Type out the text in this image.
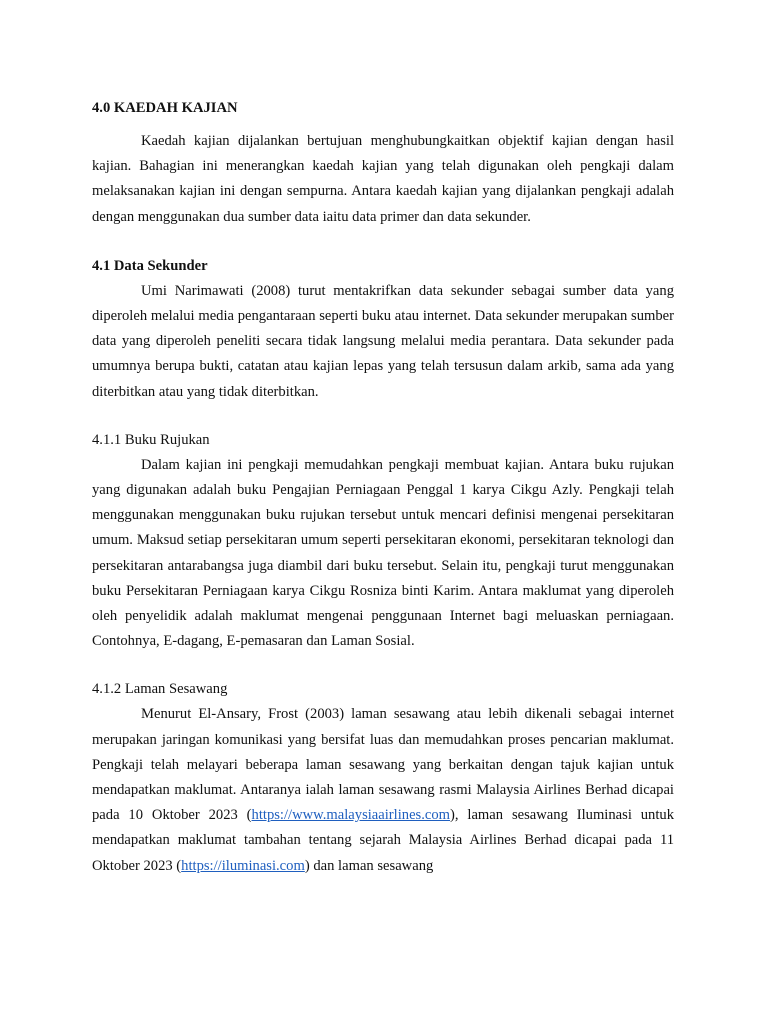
4.0 KAEDAH KAJIAN

Kaedah kajian dijalankan bertujuan menghubungkaitkan objektif kajian dengan hasil kajian. Bahagian ini menerangkan kaedah kajian yang telah digunakan oleh pengkaji dalam melaksanakan kajian ini dengan sempurna. Antara kaedah kajian yang dijalankan pengkaji adalah dengan menggunakan dua sumber data iaitu data primer dan data sekunder.

4.1 Data Sekunder

Umi Narimawati (2008) turut mentakrifkan data sekunder sebagai sumber data yang diperoleh melalui media pengantaraan seperti buku atau internet. Data sekunder merupakan sumber data yang diperoleh peneliti secara tidak langsung melalui media perantara. Data sekunder pada umumnya berupa bukti, catatan atau kajian lepas yang telah tersusun dalam arkib, sama ada yang diterbitkan atau yang tidak diterbitkan.

4.1.1 Buku Rujukan

Dalam kajian ini pengkaji memudahkan pengkaji membuat kajian. Antara buku rujukan yang digunakan adalah buku Pengajian Perniagaan Penggal 1 karya Cikgu Azly. Pengkaji telah menggunakan menggunakan buku rujukan tersebut untuk mencari definisi mengenai persekitaran umum. Maksud setiap persekitaran umum seperti persekitaran ekonomi, persekitaran teknologi dan persekitaran antarabangsa juga diambil dari buku tersebut. Selain itu, pengkaji turut menggunakan buku Persekitaran Perniagaan karya Cikgu Rosniza binti Karim. Antara maklumat yang diperoleh oleh penyelidik adalah maklumat mengenai penggunaan Internet bagi meluaskan perniagaan. Contohnya, E-dagang, E-pemasaran dan Laman Sosial.

4.1.2 Laman Sesawang

Menurut El-Ansary, Frost (2003) laman sesawang atau lebih dikenali sebagai internet merupakan jaringan komunikasi yang bersifat luas dan memudahkan proses pencarian maklumat. Pengkaji telah melayari beberapa laman sesawang yang berkaitan dengan tajuk kajian untuk mendapatkan maklumat. Antaranya ialah laman sesawang rasmi Malaysia Airlines Berhad dicapai pada 10 Oktober 2023 (https://www.malaysiaairlines.com), laman sesawang Iluminasi untuk mendapatkan maklumat tambahan tentang sejarah Malaysia Airlines Berhad dicapai pada 11 Oktober 2023 (https://iluminasi.com) dan laman sesawang
